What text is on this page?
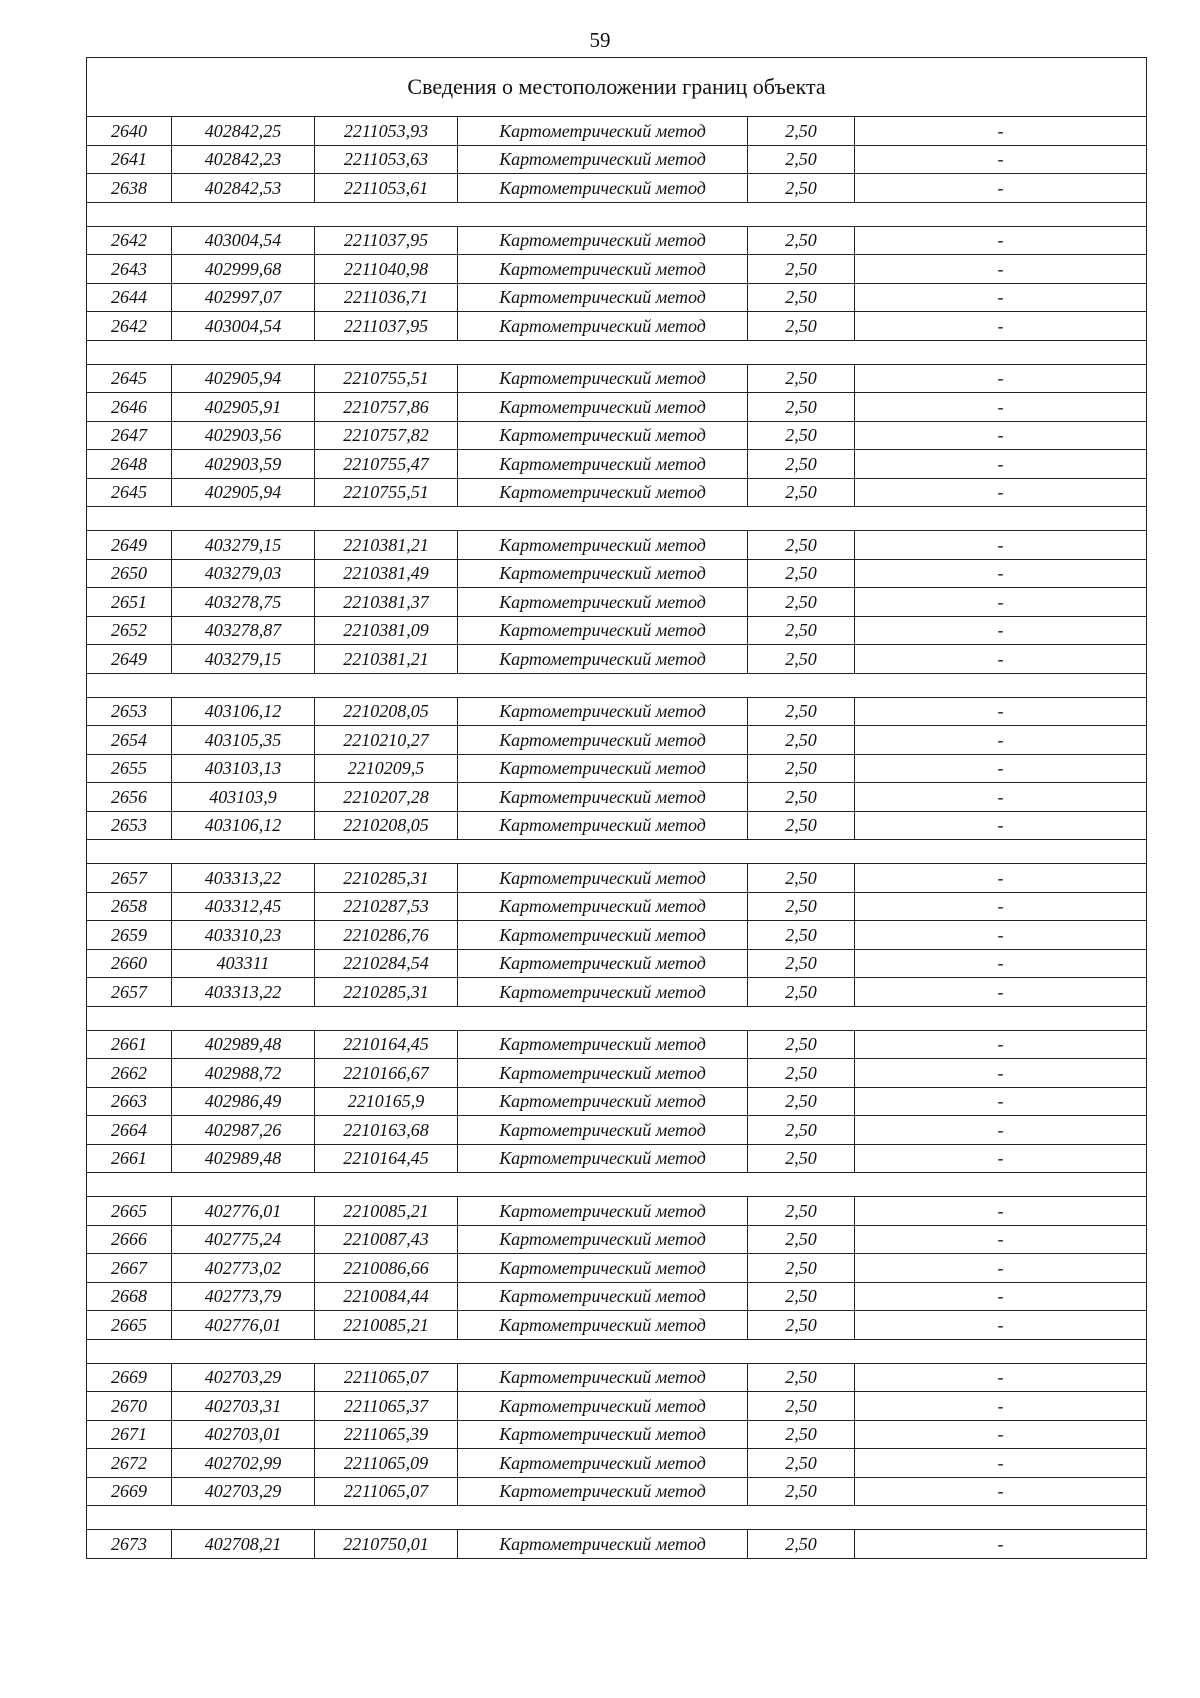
59
Сведения о местоположении границ объекта					
2640	402842,25	2211053,93	Картометрический метод	2,50	-
2641	402842,23	2211053,63	Картометрический метод	2,50	-
2638	402842,53	2211053,61	Картометрический метод	2,50	-

2642	403004,54	2211037,95	Картометрический метод	2,50	-
2643	402999,68	2211040,98	Картометрический метод	2,50	-
2644	402997,07	2211036,71	Картометрический метод	2,50	-
2642	403004,54	2211037,95	Картометрический метод	2,50	-

2645	402905,94	2210755,51	Картометрический метод	2,50	-
2646	402905,91	2210757,86	Картометрический метод	2,50	-
2647	402903,56	2210757,82	Картометрический метод	2,50	-
2648	402903,59	2210755,47	Картометрический метод	2,50	-
2645	402905,94	2210755,51	Картометрический метод	2,50	-

2649	403279,15	2210381,21	Картометрический метод	2,50	-
2650	403279,03	2210381,49	Картометрический метод	2,50	-
2651	403278,75	2210381,37	Картометрический метод	2,50	-
2652	403278,87	2210381,09	Картометрический метод	2,50	-
2649	403279,15	2210381,21	Картометрический метод	2,50	-

2653	403106,12	2210208,05	Картометрический метод	2,50	-
2654	403105,35	2210210,27	Картометрический метод	2,50	-
2655	403103,13	2210209,5	Картометрический метод	2,50	-
2656	403103,9	2210207,28	Картометрический метод	2,50	-
2653	403106,12	2210208,05	Картометрический метод	2,50	-

2657	403313,22	2210285,31	Картометрический метод	2,50	-
2658	403312,45	2210287,53	Картометрический метод	2,50	-
2659	403310,23	2210286,76	Картометрический метод	2,50	-
2660	403311	2210284,54	Картометрический метод	2,50	-
2657	403313,22	2210285,31	Картометрический метод	2,50	-

2661	402989,48	2210164,45	Картометрический метод	2,50	-
2662	402988,72	2210166,67	Картометрический метод	2,50	-
2663	402986,49	2210165,9	Картометрический метод	2,50	-
2664	402987,26	2210163,68	Картометрический метод	2,50	-
2661	402989,48	2210164,45	Картометрический метод	2,50	-

2665	402776,01	2210085,21	Картометрический метод	2,50	-
2666	402775,24	2210087,43	Картометрический метод	2,50	-
2667	402773,02	2210086,66	Картометрический метод	2,50	-
2668	402773,79	2210084,44	Картометрический метод	2,50	-
2665	402776,01	2210085,21	Картометрический метод	2,50	-

2669	402703,29	2211065,07	Картометрический метод	2,50	-
2670	402703,31	2211065,37	Картометрический метод	2,50	-
2671	402703,01	2211065,39	Картометрический метод	2,50	-
2672	402702,99	2211065,09	Картометрический метод	2,50	-
2669	402703,29	2211065,07	Картометрический метод	2,50	-

2673	402708,21	2210750,01	Картометрический метод	2,50	-
